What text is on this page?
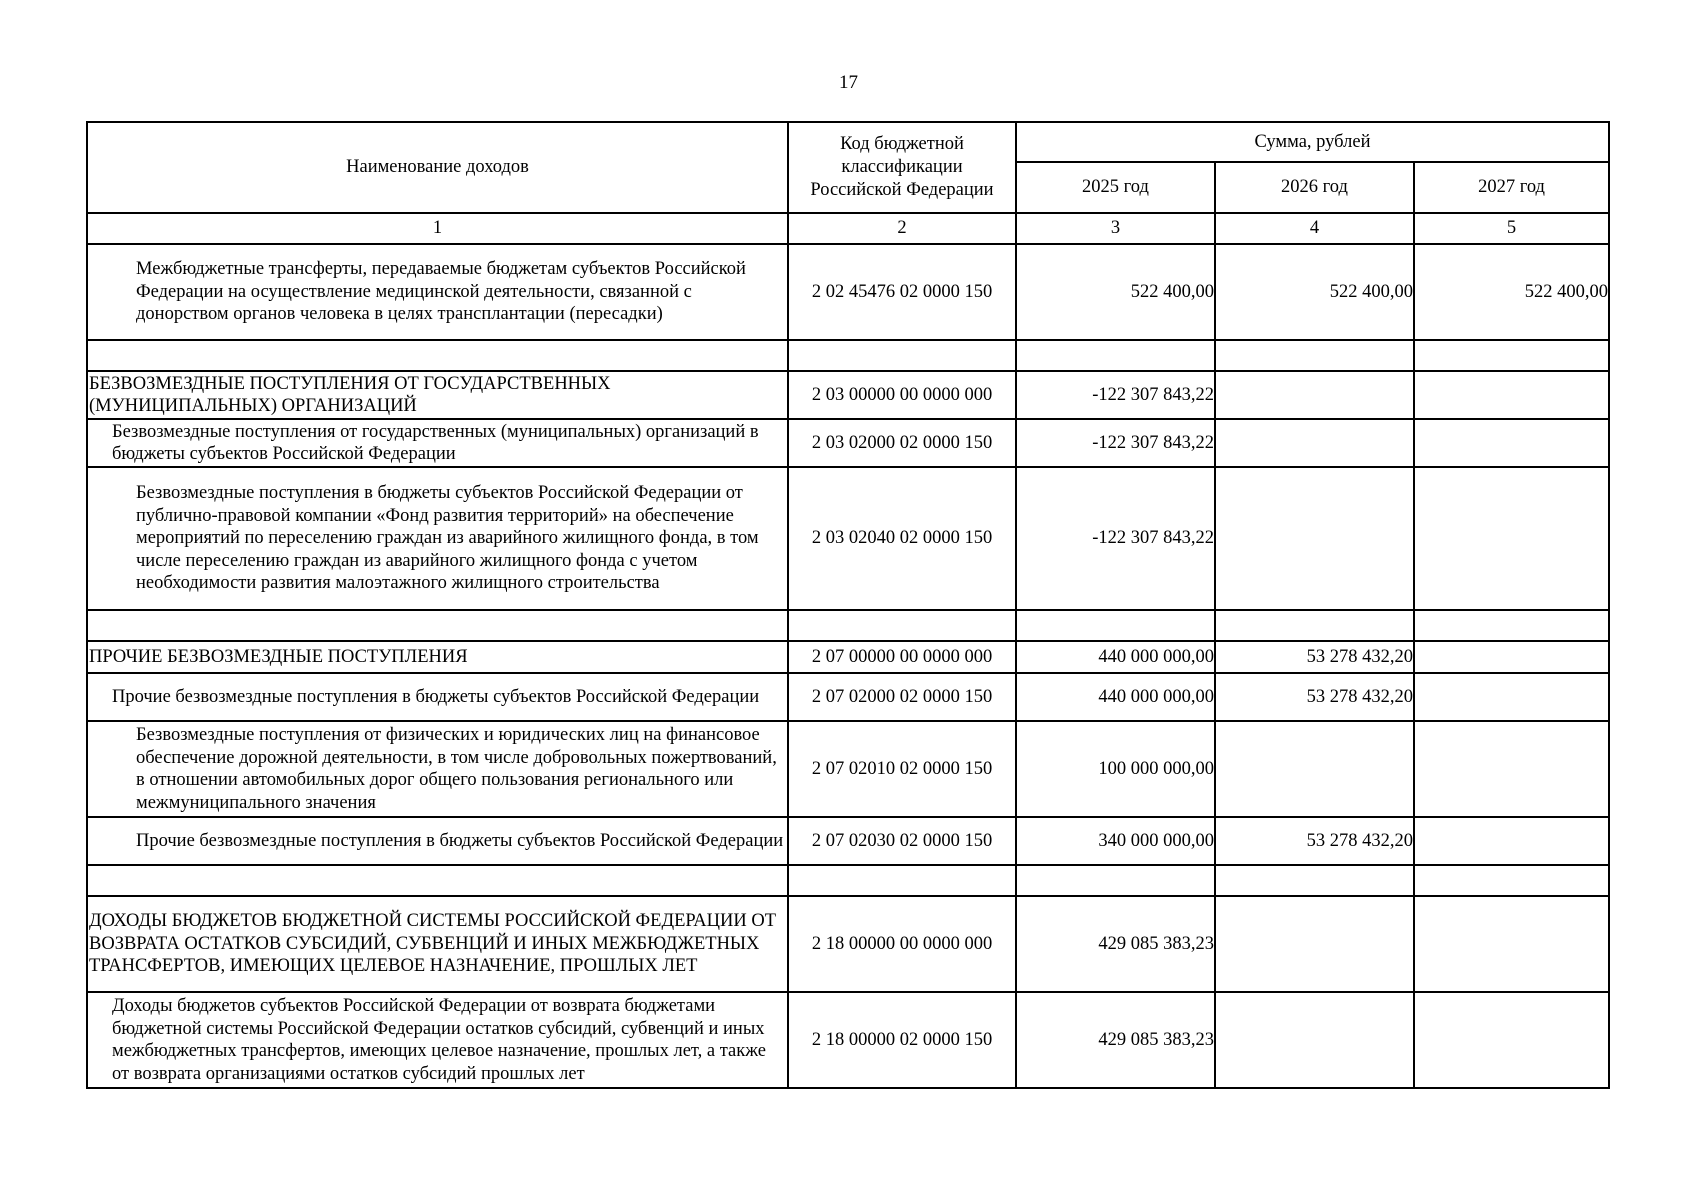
17
Наименование доходов	Код бюджетной классификации Российской Федерации	Сумма, рублей		
		2025 год	2026 год	2027 год
1	2	3	4	5
Межбюджетные трансферты, передаваемые бюджетам субъектов Российской Федерации на осуществление медицинской деятельности, связанной с донорством органов человека в целях трансплантации (пересадки)	2 02 45476 02 0000 150	522 400,00	522 400,00	522 400,00

БЕЗВОЗМЕЗДНЫЕ ПОСТУПЛЕНИЯ ОТ ГОСУДАРСТВЕННЫХ (МУНИЦИПАЛЬНЫХ) ОРГАНИЗАЦИЙ	2 03 00000 00 0000 000	-122 307 843,22		
Безвозмездные поступления от государственных (муниципальных) организаций в бюджеты субъектов Российской Федерации	2 03 02000 02 0000 150	-122 307 843,22		
Безвозмездные поступления в бюджеты субъектов Российской Федерации от публично-правовой компании «Фонд развития территорий» на обеспечение мероприятий по переселению граждан из аварийного жилищного фонда, в том числе переселению граждан из аварийного жилищного фонда с учетом необходимости развития малоэтажного жилищного строительства	2 03 02040 02 0000 150	-122 307 843,22		

ПРОЧИЕ БЕЗВОЗМЕЗДНЫЕ ПОСТУПЛЕНИЯ	2 07 00000 00 0000 000	440 000 000,00	53 278 432,20	
Прочие безвозмездные поступления в бюджеты субъектов Российской Федерации	2 07 02000 02 0000 150	440 000 000,00	53 278 432,20	
Безвозмездные поступления от физических и юридических лиц на финансовое обеспечение дорожной деятельности, в том числе добровольных пожертвований, в отношении автомобильных дорог общего пользования регионального или межмуниципального значения	2 07 02010 02 0000 150	100 000 000,00		
Прочие безвозмездные поступления в бюджеты субъектов Российской Федерации	2 07 02030 02 0000 150	340 000 000,00	53 278 432,20	

ДОХОДЫ БЮДЖЕТОВ БЮДЖЕТНОЙ СИСТЕМЫ РОССИЙСКОЙ ФЕДЕРАЦИИ ОТ ВОЗВРАТА ОСТАТКОВ СУБСИДИЙ, СУБВЕНЦИЙ И ИНЫХ МЕЖБЮДЖЕТНЫХ ТРАНСФЕРТОВ, ИМЕЮЩИХ ЦЕЛЕВОЕ НАЗНАЧЕНИЕ, ПРОШЛЫХ ЛЕТ	2 18 00000 00 0000 000	429 085 383,23		
Доходы бюджетов субъектов Российской Федерации от возврата бюджетами бюджетной системы Российской Федерации остатков субсидий, субвенций и иных межбюджетных трансфертов, имеющих целевое назначение, прошлых лет, а также от возврата организациями остатков субсидий прошлых лет	2 18 00000 02 0000 150	429 085 383,23		
